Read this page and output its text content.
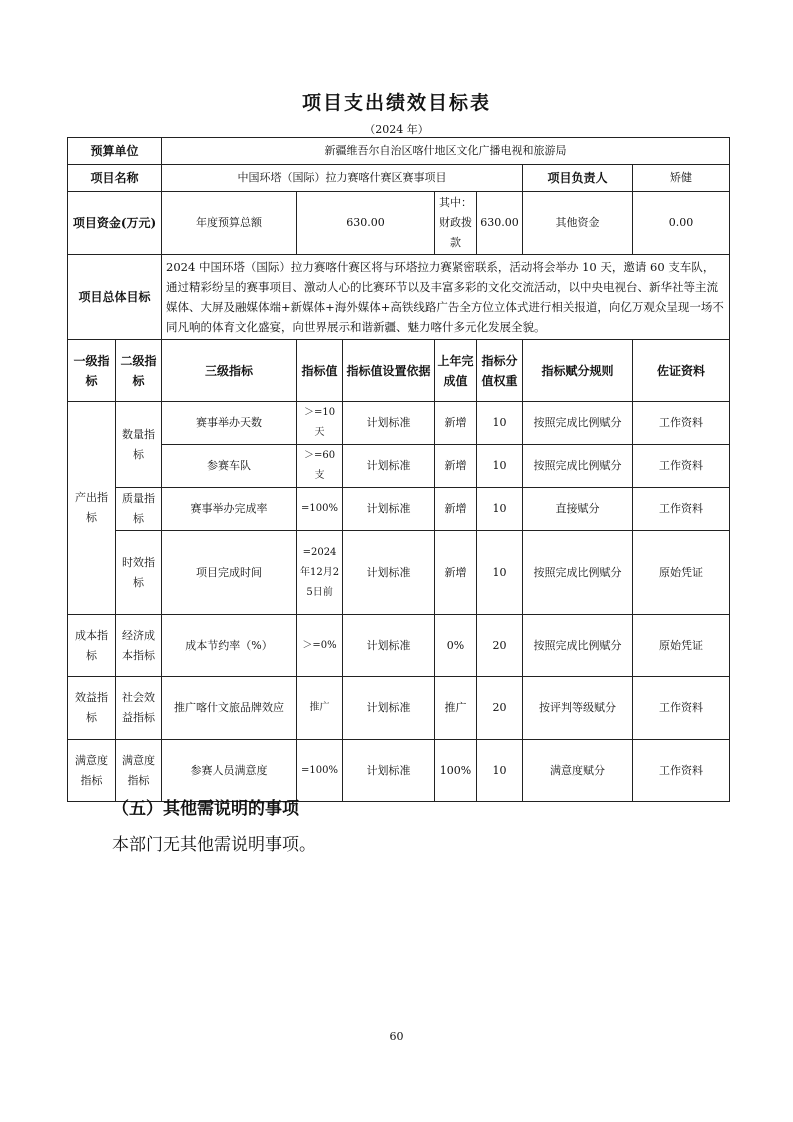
项目支出绩效目标表
（2024 年）
预算单位		新疆维吾尔自治区喀什地区文化广播电视和旅游局						
项目名称		中国环塔（国际）拉力赛喀什赛区赛事项目					项目负责人	矫健
项目资金(万元)		年度预算总额	630.00		其中：财政拨款	630.00	其他资金	0.00
项目总体目标		2024 中国环塔（国际）拉力赛喀什赛区将与环塔拉力赛紧密联系，活动将会举办 10 天，邀请 60 支车队，通过精彩纷呈的赛事项目、激动人心的比赛环节以及丰富多彩的文化交流活动，以中央电视台、新华社等主流媒体、大屏及融媒体端+新媒体+海外媒体+高铁线路广告全方位立体式进行相关报道，向亿万观众呈现一场不同凡响的体育文化盛宴，向世界展示和谐新疆、魅力喀什多元化发展全貌。						
一级指标	二级指标	三级指标	指标值	指标值设置依据	上年完成值	指标分值权重	指标赋分规则	佐证资料
产出指标	数量指标	赛事举办天数	＞=10天	计划标准	新增	10	按照完成比例赋分	工作资料
		参赛车队	＞=60支	计划标准	新增	10	按照完成比例赋分	工作资料
	质量指标	赛事举办完成率	=100%	计划标准	新增	10	直接赋分	工作资料
	时效指标	项目完成时间	=2024年12月25日前	计划标准	新增	10	按照完成比例赋分	原始凭证
成本指标	经济成本指标	成本节约率（%）	＞=0%	计划标准	0%	20	按照完成比例赋分	原始凭证
效益指标	社会效益指标	推广喀什文旅品牌效应	推广	计划标准	推广	20	按评判等级赋分	工作资料
满意度指标	满意度指标	参赛人员满意度	=100%	计划标准	100%	10	满意度赋分	工作资料
（五）其他需说明的事项
本部门无其他需说明事项。
60
